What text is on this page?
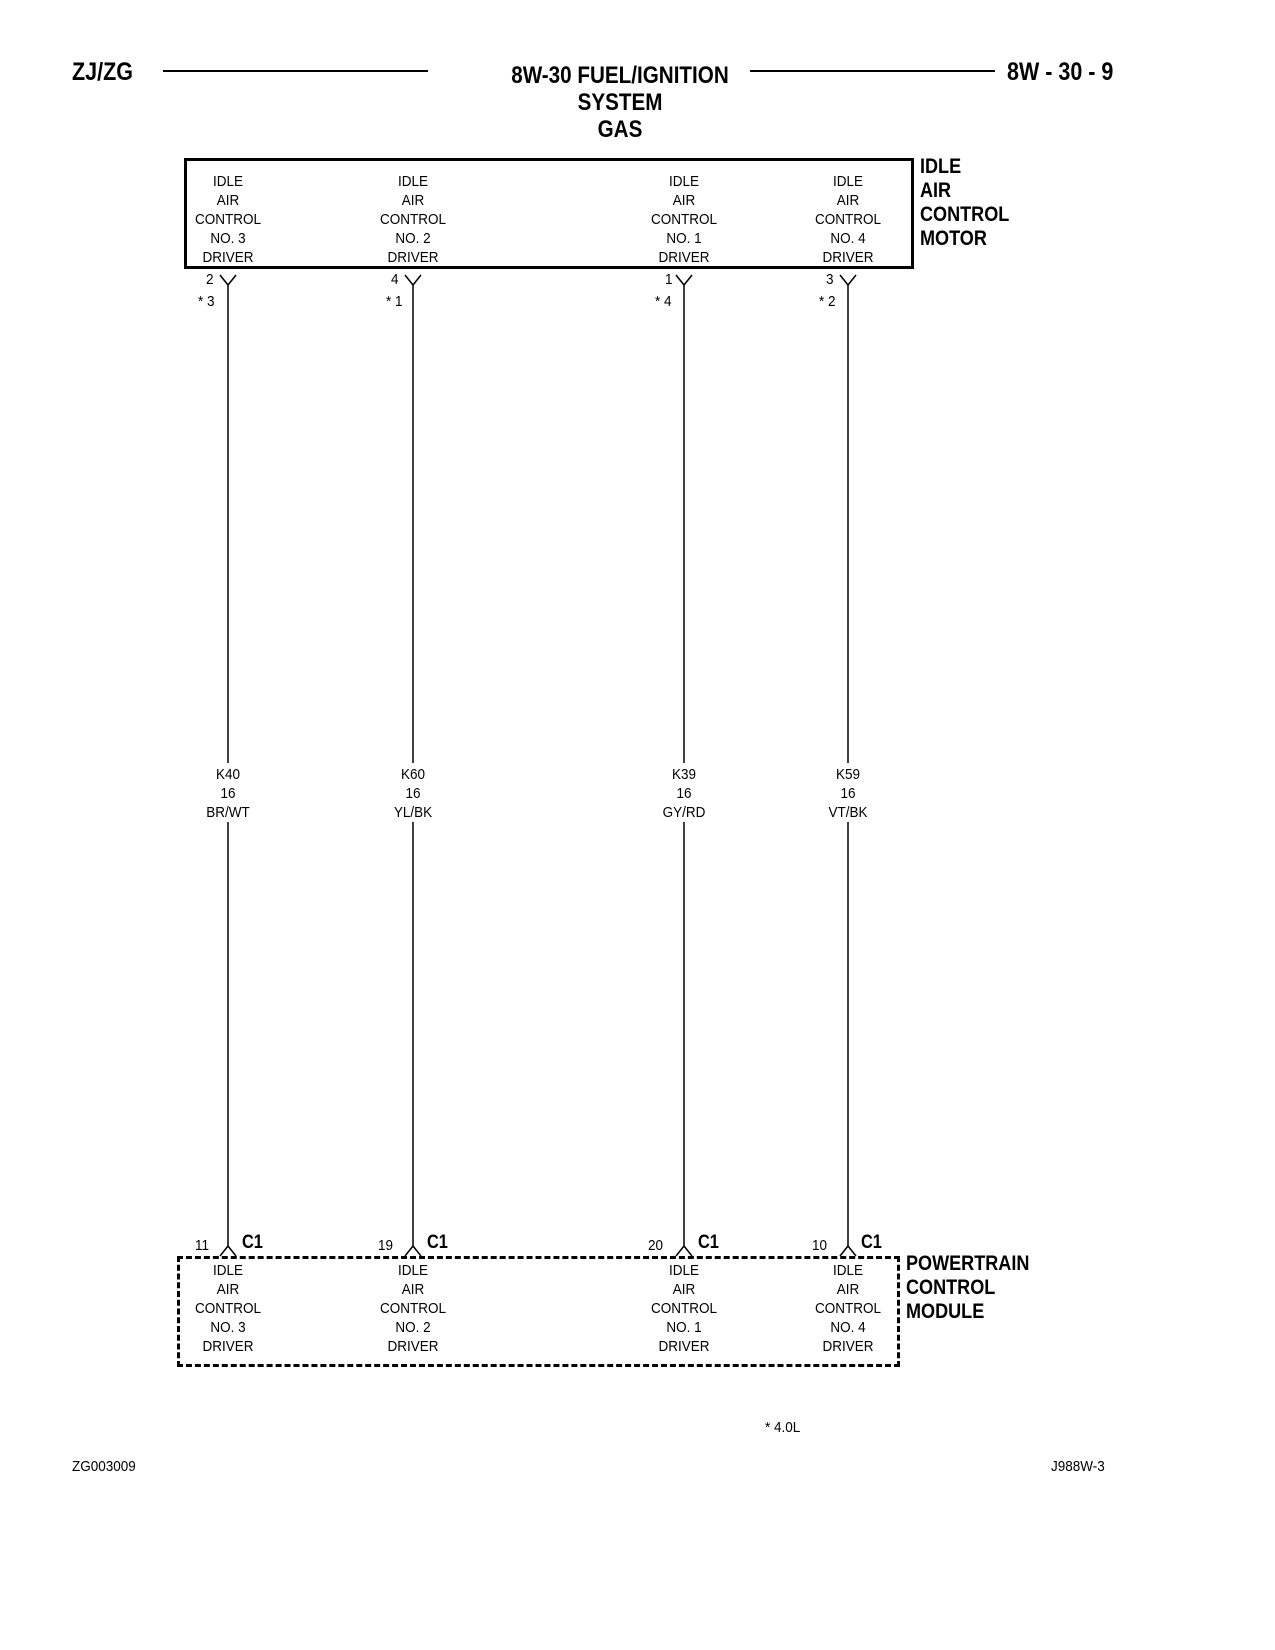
ZJ/ZG	8W-30 FUEL/IGNITION SYSTEM
GAS
8W - 30 - 9
IDLE
AIR
CONTROL
NO. 3
DRIVER
IDLE
AIR
CONTROL
NO. 2
DRIVER
IDLE
AIR
CONTROL
NO. 1
DRIVER
IDLE
AIR
CONTROL
NO. 4
DRIVER
IDLE
AIR
CONTROL
MOTOR
2
* 3
4
* 1
1
* 4
3
* 2
K40
16
BR/WT
K60
16
YL/BK
K39
16
GY/RD
K59
16
VT/BK
11 C1	19 C1	20 C1	10 C1
IDLE
AIR
CONTROL
NO. 3
DRIVER
IDLE
AIR
CONTROL
NO. 2
DRIVER
IDLE
AIR
CONTROL
NO. 1
DRIVER
IDLE
AIR
CONTROL
NO. 4
DRIVER
POWERTRAIN
CONTROL
MODULE
* 4.0L
ZG003009	J988W-3
